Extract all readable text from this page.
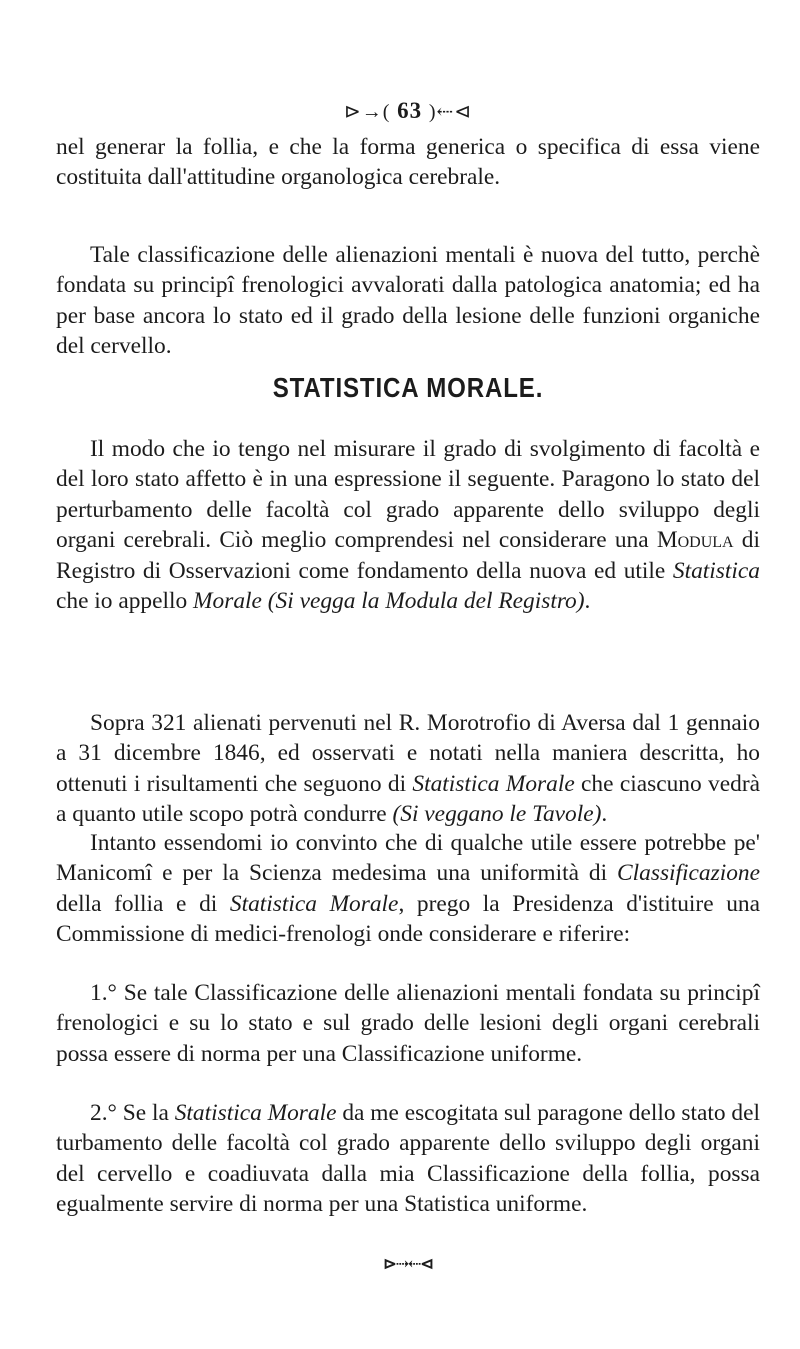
⊳→( 63 )⇠⊲

nel generar la follia, e che la forma generica o specifica di essa viene costituita dall'attitudine organologica cerebrale.

Tale classificazione delle alienazioni mentali è nuova del tutto, perchè fondata su principî frenologici avvalorati dalla patologica anatomia; ed ha per base ancora lo stato ed il grado della lesione delle funzioni organiche del cervello.

STATISTICA MORALE.

Il modo che io tengo nel misurare il grado di svolgimento di facoltà e del loro stato affetto è in una espressione il seguente. Paragono lo stato del perturbamento delle facoltà col grado apparente dello sviluppo degli organi cerebrali. Ciò meglio comprendesi nel considerare una Modula di Registro di Osservazioni come fondamento della nuova ed utile Statistica che io appello Morale (Si vegga la Modula del Registro).

Sopra 321 alienati pervenuti nel R. Morotrofio di Aversa dal 1 gennaio a 31 dicembre 1846, ed osservati e notati nella maniera descritta, ho ottenuti i risultamenti che seguono di Statistica Morale che ciascuno vedrà a quanto utile scopo potrà condurre (Si veggano le Tavole).

Intanto essendomi io convinto che di qualche utile essere potrebbe pe' Manicomî e per la Scienza medesima una uniformità di Classificazione della follia e di Statistica Morale, prego la Presidenza d'istituire una Commissione di medici-frenologi onde considerare e riferire:

1.° Se tale Classificazione delle alienazioni mentali fondata su principî frenologici e su lo stato e sul grado delle lesioni degli organi cerebrali possa essere di norma per una Classificazione uniforme.

2.° Se la Statistica Morale da me escogitata sul paragone dello stato del turbamento delle facoltà col grado apparente dello sviluppo degli organi del cervello e coadiuvata dalla mia Classificazione della follia, possa egualmente servire di norma per una Statistica uniforme.

⊳⇢⇠⊲
